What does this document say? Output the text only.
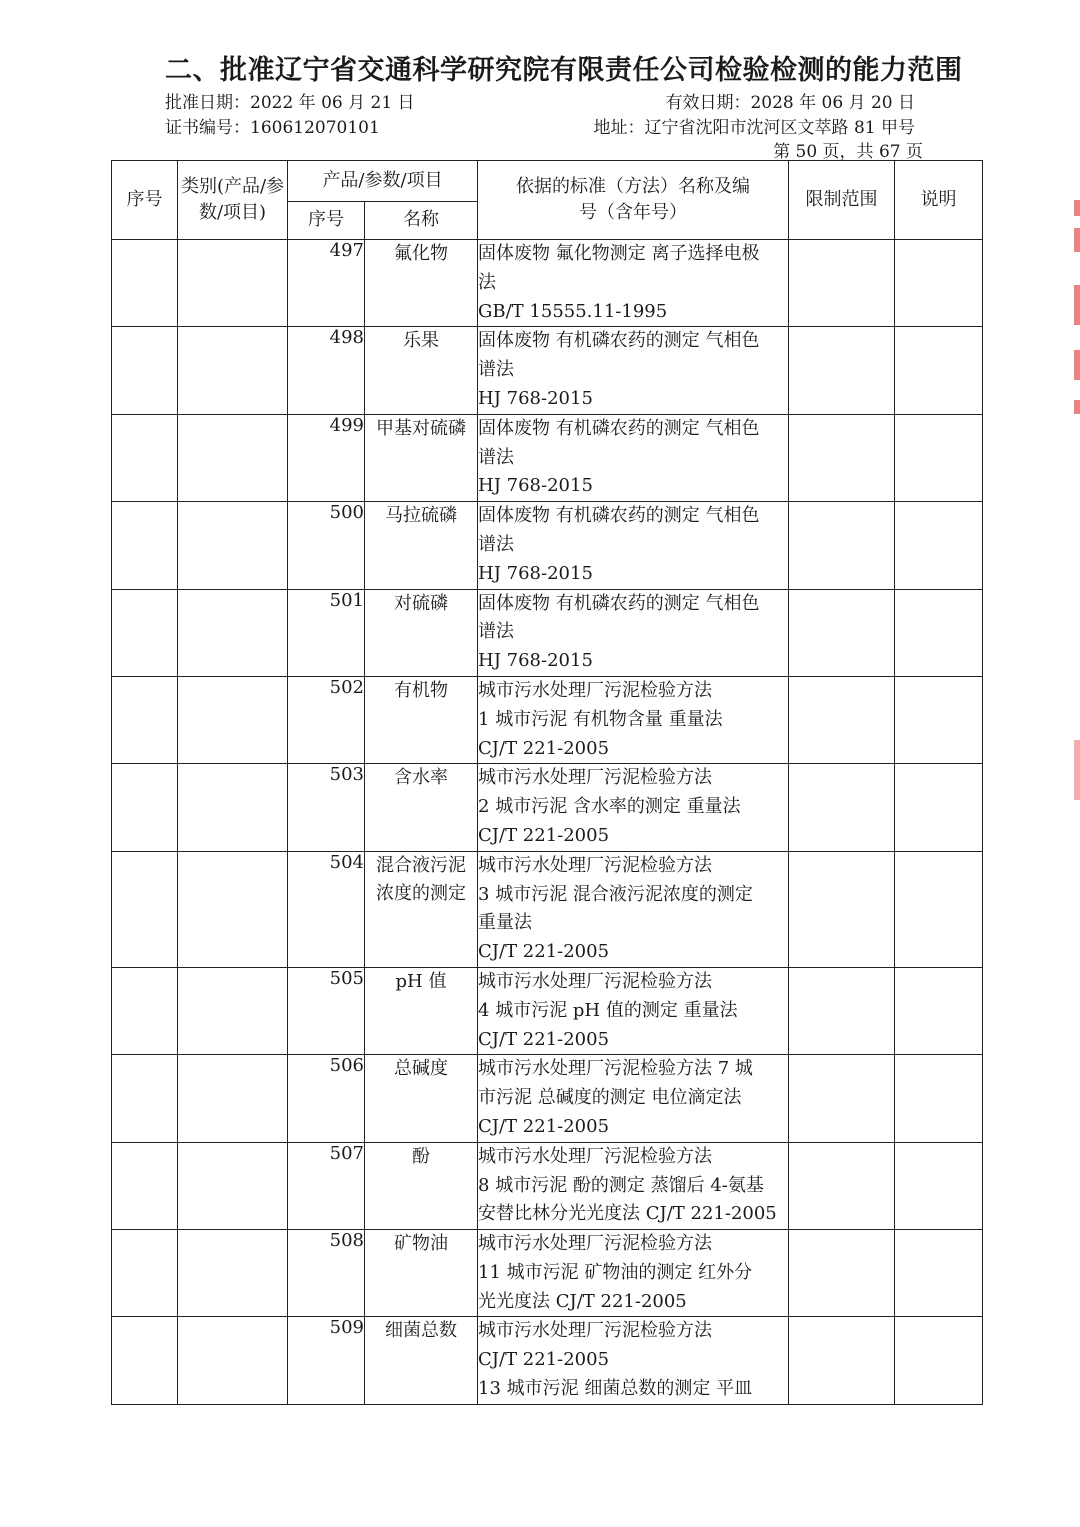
二、批准辽宁省交通科学研究院有限责任公司检验检测的能力范围
批准日期：2022 年 06 月 21 日	有效日期：2028 年 06 月 20 日
证书编号：160612070101	地址：辽宁省沈阳市沈河区文萃路 81 甲号
第 50 页，共 67 页
序号	类别(产品/参数/项目)	产品/参数/项目		依据的标准（方法）名称及编号（含年号）	限制范围	说明
		序号	名称			
		497	氟化物	固体废物 氟化物测定 离子选择电极
法
GB/T 15555.11-1995		

		498	乐果	固体废物 有机磷农药的测定 气相色
谱法
HJ 768-2015		

		499	甲基对硫磷	固体废物 有机磷农药的测定 气相色
谱法
HJ 768-2015		

		500	马拉硫磷	固体废物 有机磷农药的测定 气相色
谱法
HJ 768-2015		

		501	对硫磷	固体废物 有机磷农药的测定 气相色
谱法
HJ 768-2015		

		502	有机物	城市污水处理厂污泥检验方法
1 城市污泥 有机物含量 重量法
CJ/T 221-2005		

		503	含水率	城市污水处理厂污泥检验方法
2 城市污泥 含水率的测定 重量法
CJ/T 221-2005		

		504	混合液污泥浓度的测定	城市污水处理厂污泥检验方法
3 城市污泥 混合液污泥浓度的测定
重量法
CJ/T 221-2005		

		505	pH 值	城市污水处理厂污泥检验方法
4 城市污泥 pH 值的测定 重量法
CJ/T 221-2005		

		506	总碱度	城市污水处理厂污泥检验方法 7 城
市污泥 总碱度的测定 电位滴定法
CJ/T 221-2005		

		507	酚	城市污水处理厂污泥检验方法
8 城市污泥 酚的测定 蒸馏后 4-氨基
安替比林分光光度法 CJ/T 221-2005		

		508	矿物油	城市污水处理厂污泥检验方法
11 城市污泥 矿物油的测定 红外分
光光度法 CJ/T 221-2005		

		509	细菌总数	城市污水处理厂污泥检验方法
CJ/T 221-2005
13 城市污泥 细菌总数的测定 平皿		
